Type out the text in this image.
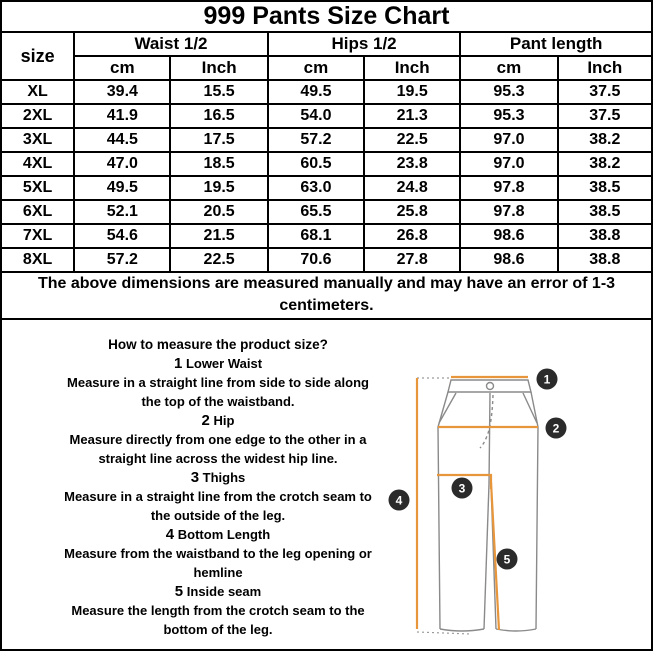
999 Pants Size Chart						
size	Waist 1/2		Hips 1/2		Pant length	
	cm	Inch	cm	Inch	cm	Inch
XL	39.4	15.5	49.5	19.5	95.3	37.5
2XL	41.9	16.5	54.0	21.3	95.3	37.5
3XL	44.5	17.5	57.2	22.5	97.0	38.2
4XL	47.0	18.5	60.5	23.8	97.0	38.2
5XL	49.5	19.5	63.0	24.8	97.8	38.5
6XL	52.1	20.5	65.5	25.8	97.8	38.5
7XL	54.6	21.5	68.1	26.8	98.6	38.8
8XL	57.2	22.5	70.6	27.8	98.6	38.8
The above dimensions are measured manually and may have an error of 1-3 centimeters.						

How to measure the product size?
1 Lower Waist
Measure in a straight line from side to side along the top of the waistband.
2 Hip
Measure directly from one edge to the other in a straight line across the widest hip line.
3 Thighs
Measure in a straight line from the crotch seam to the outside of the leg.
4 Bottom Length
Measure from the waistband to the leg opening or hemline
5 Inside seam
Measure the length from the crotch seam to the bottom of the leg.
1
2
3
4
5
